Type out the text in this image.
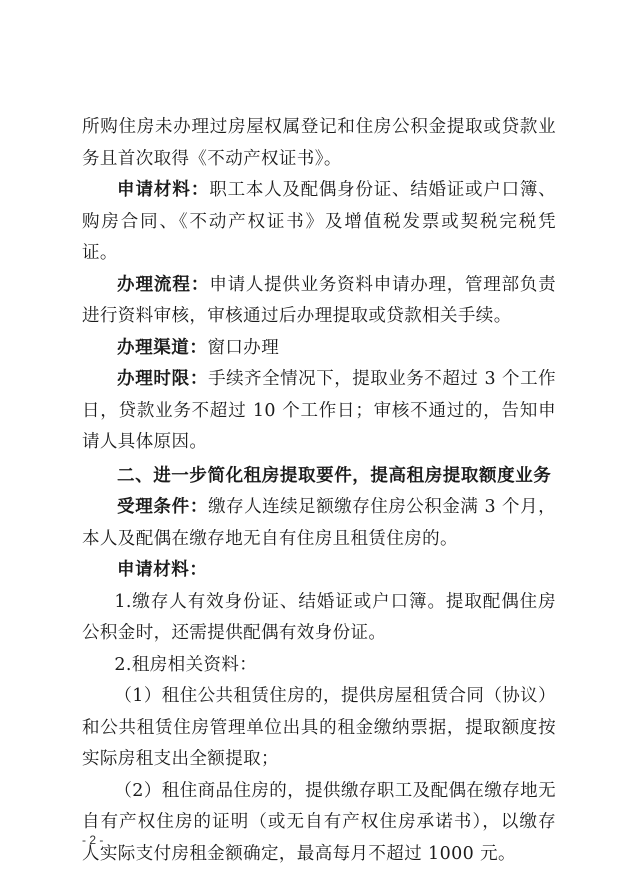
所购住房未办理过房屋权属登记和住房公积金提取或贷款业务且首次取得《不动产权证书》。

申请材料：职工本人及配偶身份证、结婚证或户口簿、购房合同、《不动产权证书》及增值税发票或契税完税凭证。

办理流程：申请人提供业务资料申请办理，管理部负责进行资料审核，审核通过后办理提取或贷款相关手续。

办理渠道：窗口办理

办理时限：手续齐全情况下，提取业务不超过 3 个工作日，贷款业务不超过 10 个工作日；审核不通过的，告知申请人具体原因。

二、进一步简化租房提取要件，提高租房提取额度业务

受理条件：缴存人连续足额缴存住房公积金满 3 个月，本人及配偶在缴存地无自有住房且租赁住房的。

申请材料：

1.缴存人有效身份证、结婚证或户口簿。提取配偶住房公积金时，还需提供配偶有效身份证。

2.租房相关资料：

（1）租住公共租赁住房的，提供房屋租赁合同（协议）和公共租赁住房管理单位出具的租金缴纳票据，提取额度按实际房租支出全额提取；

（2）租住商品住房的，提供缴存职工及配偶在缴存地无自有产权住房的证明（或无自有产权住房承诺书），以缴存人实际支付房租金额确定，最高每月不超过 1000 元。

- 2 -
